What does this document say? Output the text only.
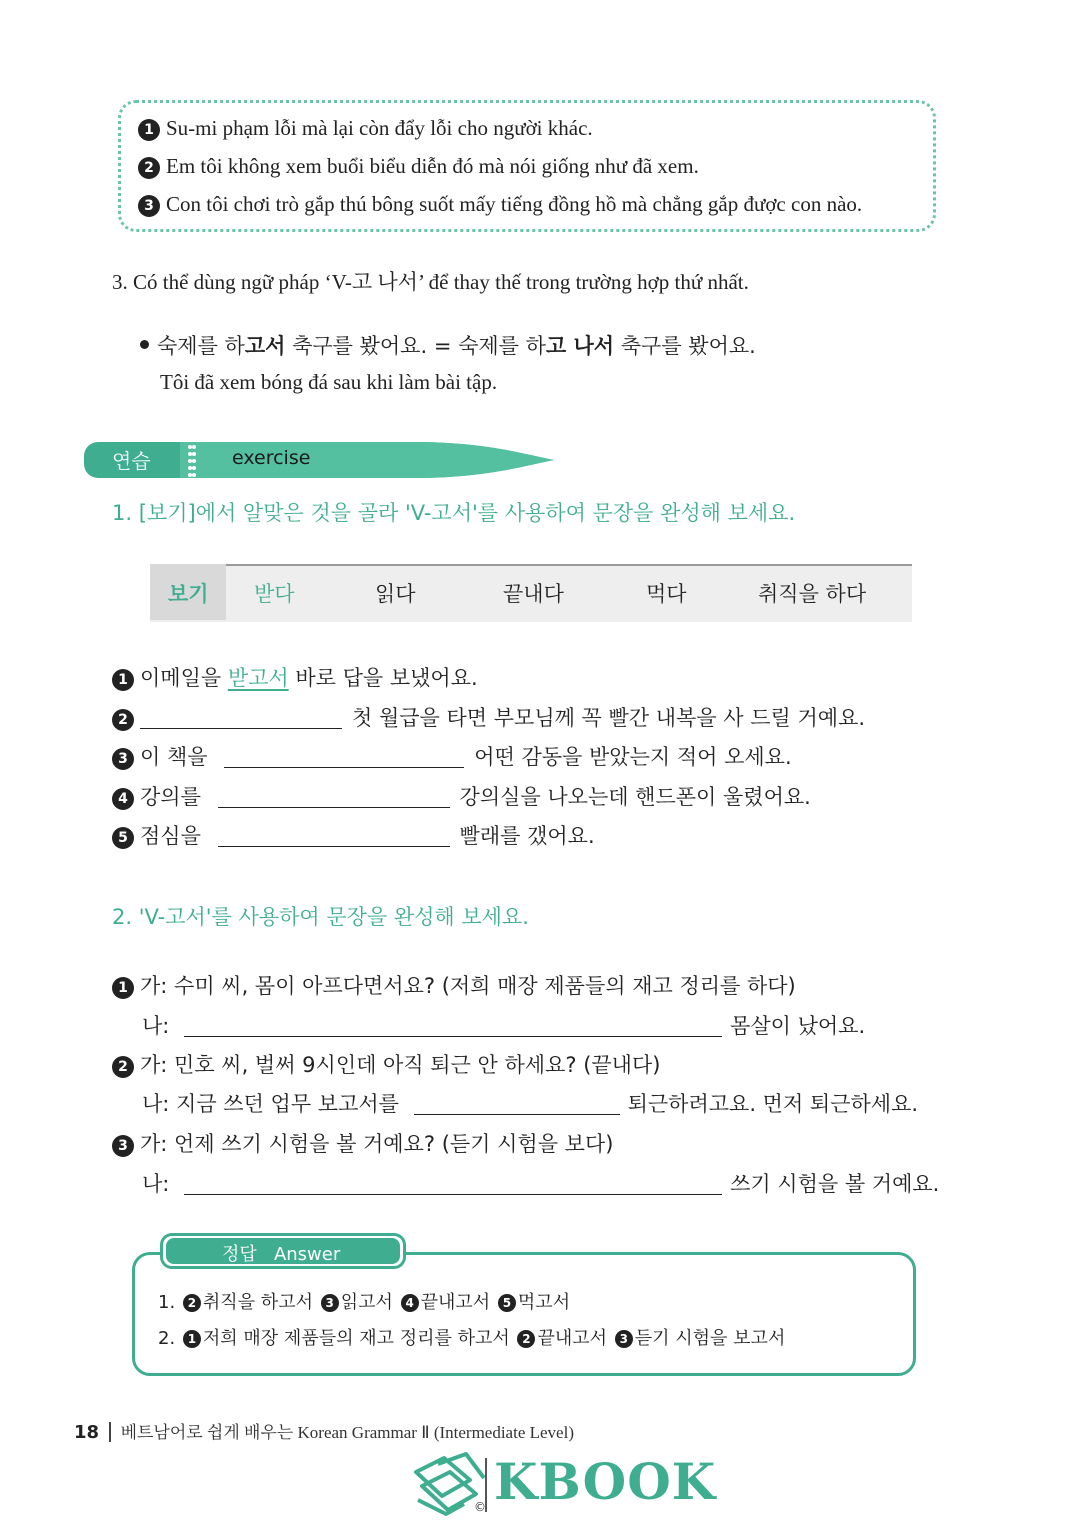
1 Su-mi phạm lỗi mà lại còn đẩy lỗi cho người khác.
2 Em tôi không xem buổi biểu diễn đó mà nói giống như đã xem.
3 Con tôi chơi trò gắp thú bông suốt mấy tiếng đồng hồ mà chẳng gắp được con nào.
3. Có thể dùng ngữ pháp ‘V-고 나서’ để thay thế trong trường hợp thứ nhất.
숙제를 하고서 축구를 봤어요. = 숙제를 하고 나서 축구를 봤어요.
Tôi đã xem bóng đá sau khi làm bài tập.
연습	exercise
1. [보기]에서 알맞은 것을 골라 'V-고서'를 사용하여 문장을 완성해 보세요.
보기 받다	읽다	끝내다	먹다	취직을 하다
1 이메일을 받고서 바로 답을 보냈어요.
2	첫 월급을 타면 부모님께 꼭 빨간 내복을 사 드릴 거예요.
3 이 책을	어떤 감동을 받았는지 적어 오세요.
4 강의를	강의실을 나오는데 핸드폰이 울렸어요.
5 점심을	빨래를 갰어요.
2. 'V-고서'를 사용하여 문장을 완성해 보세요.
1 가: 수미 씨, 몸이 아프다면서요? (저희 매장 제품들의 재고 정리를 하다)
나:	몸살이 났어요.
2 가: 민호 씨, 벌써 9시인데 아직 퇴근 안 하세요? (끝내다)
나: 지금 쓰던 업무 보고서를	퇴근하려고요. 먼저 퇴근하세요.
3 가: 언제 쓰기 시험을 볼 거예요? (듣기 시험을 보다)
나:	쓰기 시험을 볼 거예요.
정답   Answer
1. 2 취직을 하고서 3 읽고서 4 끝내고서 5 먹고서
2. 1 저희 매장 제품들의 재고 정리를 하고서 2 끝내고서 3 듣기 시험을 보고서
18 베트남어로 쉽게 배우는 Korean Grammar Ⅱ (Intermediate Level)
KBOOK
©
